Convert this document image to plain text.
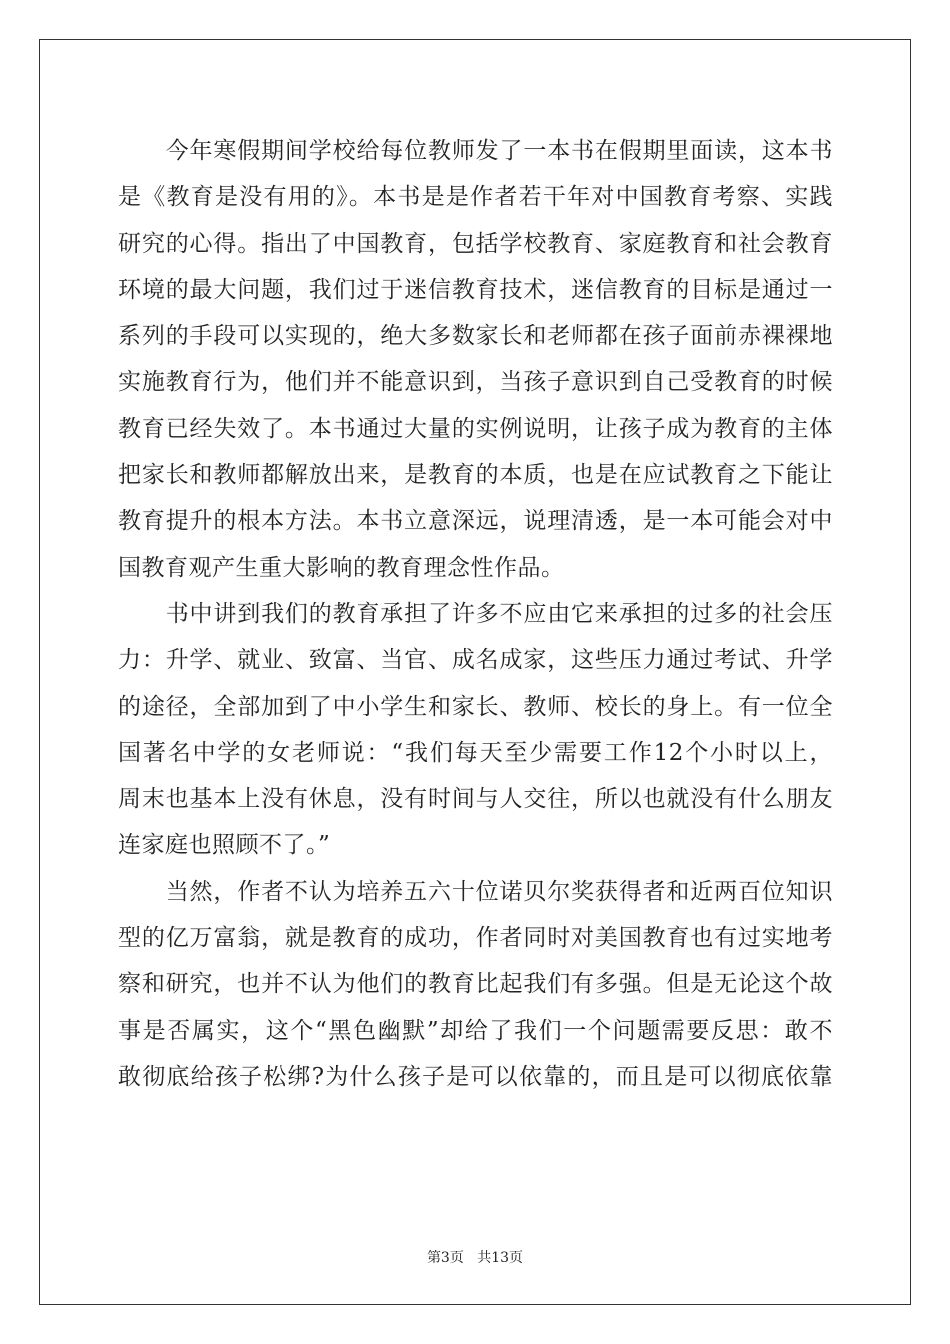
　　今年寒假期间学校给每位教师发了一本书在假期里面读，这本书
是《教育是没有用的》。本书是是作者若干年对中国教育考察、实践
研究的心得。指出了中国教育，包括学校教育、家庭教育和社会教育
环境的最大问题，我们过于迷信教育技术，迷信教育的目标是通过一
系列的手段可以实现的，绝大多数家长和老师都在孩子面前赤裸裸地
实施教育行为，他们并不能意识到，当孩子意识到自己受教育的时候
教育已经失效了。本书通过大量的实例说明，让孩子成为教育的主体
把家长和教师都解放出来，是教育的本质，也是在应试教育之下能让
教育提升的根本方法。本书立意深远，说理清透，是一本可能会对中
国教育观产生重大影响的教育理念性作品。
　　书中讲到我们的教育承担了许多不应由它来承担的过多的社会压
力：升学、就业、致富、当官、成名成家，这些压力通过考试、升学
的途径，全部加到了中小学生和家长、教师、校长的身上。有一位全
国著名中学的女老师说：“我们每天至少需要工作12个小时以上，
周末也基本上没有休息，没有时间与人交往，所以也就没有什么朋友
连家庭也照顾不了。”
　　当然，作者不认为培养五六十位诺贝尔奖获得者和近两百位知识
型的亿万富翁，就是教育的成功，作者同时对美国教育也有过实地考
察和研究，也并不认为他们的教育比起我们有多强。但是无论这个故
事是否属实，这个“黑色幽默”却给了我们一个问题需要反思：敢不
敢彻底给孩子松绑?为什么孩子是可以依靠的，而且是可以彻底依靠
第3页 共13页
